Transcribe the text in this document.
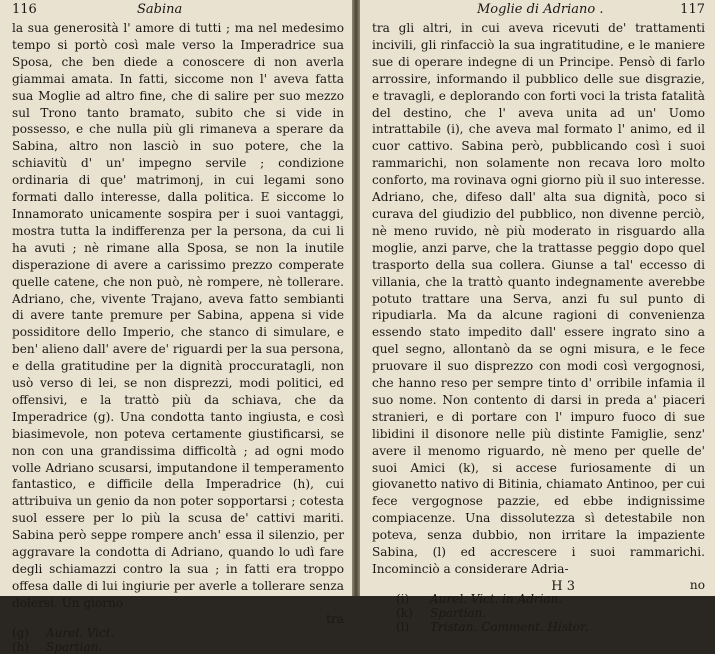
116	Sabina

la sua generosità l' amore di tutti ; ma nel medesimo tempo si portò così male verso la Imperadrice sua Sposa, che ben diede a conoscere di non averla giammai amata. In fatti, siccome non l' aveva fatta sua Moglie ad altro fine, che di salire per suo mezzo sul Trono tanto bramato, subito che si vide in possesso, e che nulla più gli rimaneva a sperare da Sabina, altro non lasciò in suo potere, che la schiavitù d' un' impegno servile ; condizione ordinaria di que' matrimonj, in cui legami sono formati dallo interesse, dalla politica. E siccome lo Innamorato unicamente sospira per i suoi vantaggi, mostra tutta la indifferenza per la persona, da cui li ha avuti ; nè rimane alla Sposa, se non la inutile disperazione di avere a carissimo prezzo comperate quelle catene, che non può, nè rompere, nè tollerare. Adriano, che, vivente Trajano, aveva fatto sembianti di avere tante premure per Sabina, appena si vide possiditore dello Imperio, che stanco di simulare, e ben' alieno dall' avere de' riguardi per la sua persona, e della gratitudine per la dignità proccuratagli, non usò verso di lei, se non disprezzi, modi politici, ed offensivi, e la trattò più da schiava, che da Imperadrice (g). Una condotta tanto ingiusta, e così biasimevole, non poteva certamente giustificarsi, se non con una grandissima difficoltà ; ad ogni modo volle Adriano scusarsi, imputandone il temperamento fantastico, e difficile della Imperadrice (h), cui attribuiva un genio da non poter sopportarsi ; cotesta suol essere per lo più la scusa de' cattivi mariti. Sabina però seppe rompere anch' essa il silenzio, per aggravare la condotta di Adriano, quando lo udì fare degli schiamazzi contro la sua ; in fatti era troppo offesa dalle di lui ingiurie per averle a tollerare senza dolersi. Un giorno

tra
(g)	Aurel. Vict.
(h)	Spartian.
Moglie di Adriano .	117

tra gli altri, in cui aveva ricevuti de' trattamenti incivili, gli rinfacciò la sua ingratitudine, e le maniere sue di operare indegne di un Principe. Pensò di farlo arrossire, informando il pubblico delle sue disgrazie, e travagli, e deplorando con forti voci la trista fatalità del destino, che l' aveva unita ad un' Uomo intrattabile (i), che aveva mal formato l' animo, ed il cuor cattivo. Sabina però, pubblicando così i suoi rammarichi, non solamente non recava loro molto conforto, ma rovinava ogni giorno più il suo interesse. Adriano, che, difeso dall' alta sua dignità, poco si curava del giudizio del pubblico, non divenne perciò, nè meno ruvido, nè più moderato in risguardo alla moglie, anzi parve, che la trattasse peggio dopo quel trasporto della sua collera. Giunse a tal' eccesso di villania, che la trattò quanto indegnamente averebbe potuto trattare una Serva, anzi fu sul punto di ripudiarla. Ma da alcune ragioni di convenienza essendo stato impedito dall' essere ingrato sino a quel segno, allontanò da se ogni misura, e le fece pruovare il suo disprezzo con modi così vergognosi, che hanno reso per sempre tinto d' orribile infamia il suo nome. Non contento di darsi in preda a' piaceri stranieri, e di portare con l' impuro fuoco di sue libidini il disonore nelle più distinte Famiglie, senz' avere il menomo riguardo, nè meno per quelle de' suoi Amici (k), si accese furiosamente di un giovanetto nativo di Bitinia, chiamato Antinoo, per cui fece vergognose pazzie, ed ebbe indignissime compiacenze. Una dissolutezza sì detestabile non poteva, senza dubbio, non irritare la impaziente Sabina, (l) ed accrescere i suoi rammarichi. Incominciò a considerare Adria-

no
(i)	Aurel. Vict. in Adrian.
(k)	Spartian.
(l)	Tristan. Comment. Histor.
H 3
